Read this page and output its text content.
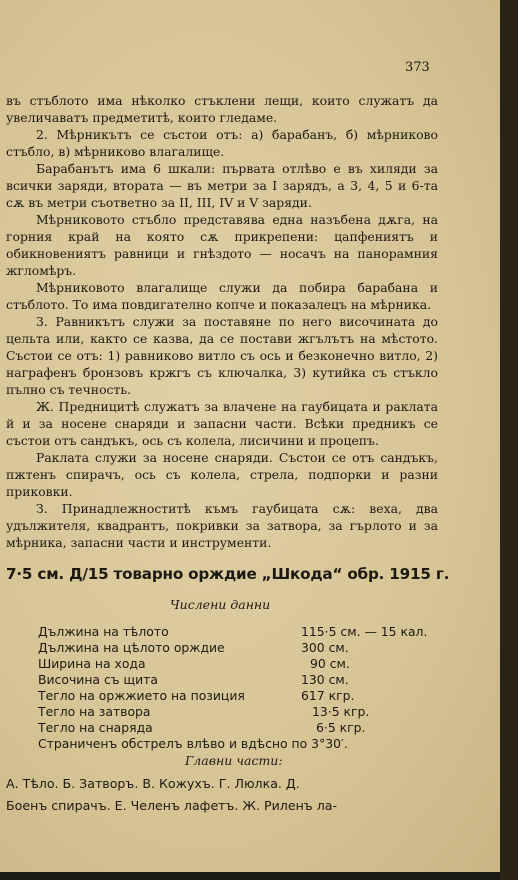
373

въ стъблото има нѣколко стъклени лещи, които служатъ да увеличаватъ предметитѣ, които гледаме.

2. Мѣрникътъ се състои отъ: а) барабанъ, б) мѣрниково стъбло, в) мѣрниково влагалище.

Барабанътъ има 6 шкали: първата отлѣво е въ хиляди за всички заряди, втората — въ метри за I зарядъ, а 3, 4, 5 и 6-та сѫ въ метри съответно за II, III, IV и V заряди.

Мѣрниковото стъбло представява една назъбена дѫга, на горния край на която сѫ прикрепени: цапфениятъ и обикновениятъ равници и гнѣздото — носачъ на панорамния жгломѣръ.

Мѣрниковото влагалище служи да побира барабана и стъблото. То има повдигателно копче и показалецъ на мѣрника.

3. Равникътъ служи за поставяне по него височината до цельта или, както се казва, да се постави жгълътъ на мѣстото. Състои се отъ: 1) равниково витло съ ось и безконечно витло, 2) награфенъ бронзовъ кржгъ съ ключалка, 3) кутийка съ стъкло пълно съ течность.

Ж. Предницитѣ служатъ за влачене на гаубицата и раклата й и за носене снаряди и запасни части. Всѣки предникъ се състои отъ сандъкъ, ось съ колела, лисичини и процепъ.

Раклата служи за носене снаряди. Състои се отъ сандъкъ, пжтенъ спирачъ, ось съ колела, стрела, подпорки и разни приковки.

З. Принадлежноститѣ къмъ гаубицата сѫ: веха, два удължителя, квадрантъ, покривки за затвора, за гърлото и за мѣрника, запасни части и инструменти.

7·5 см. Д/15 товарно орждие „Шкода“ обр. 1915 г.
Числени данни
Дължина на тѣлото	115·5 см. — 15 кал.
Дължина на цѣлото орждие	300 см.
Ширина на хода	90 см.
Височина съ щита	130 см.
Тегло на оржжието на позиция	617 кгр.
Тегло на затвора	13·5 кгр.
Тегло на снаряда	6·5 кгр.
Страниченъ обстрелъ влѣво и вдѣсно по 3°30′.
Главни части:

А. Тѣло. Б. Затворъ. В. Кожухъ. Г. Люлка. Д.

Боенъ спирачъ. Е. Челенъ лафетъ. Ж. Риленъ ла-
